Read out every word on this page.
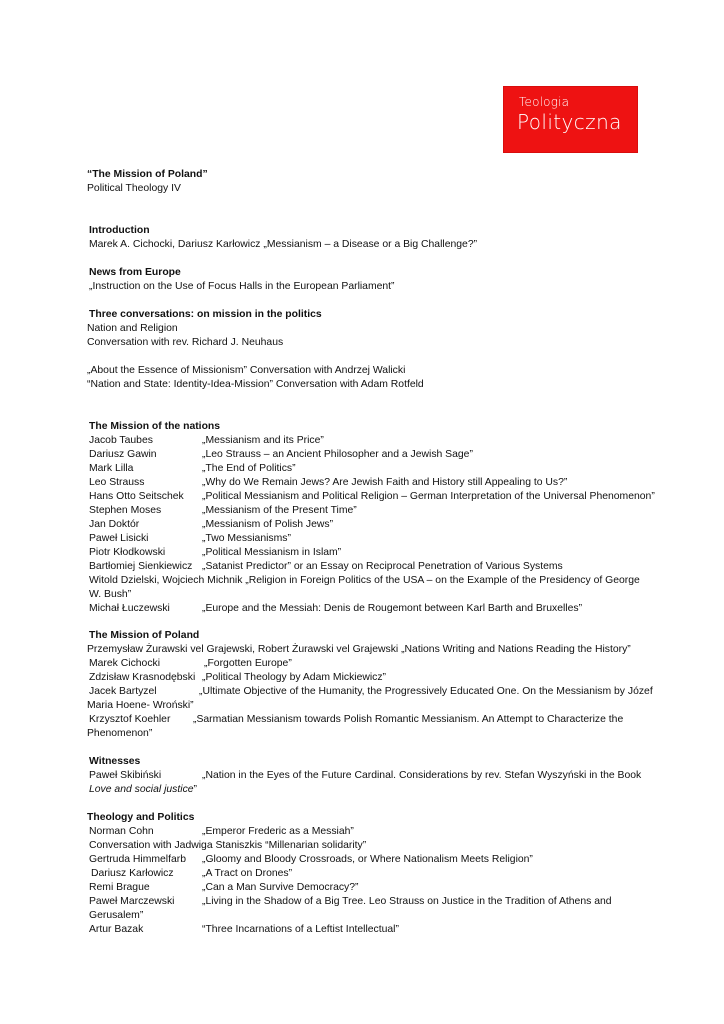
Teologia
Polityczna
“The Mission of Poland”
Political Theology IV
Introduction
Marek A. Cichocki, Dariusz Karłowicz „Messianism – a Disease or a Big Challenge?”
News from Europe
„Instruction on the Use of Focus Halls in the European Parliament”
Three conversations: on mission in the politics
Nation and Religion
Conversation with rev. Richard J. Neuhaus
„About the Essence of Missionism” Conversation with Andrzej Walicki
“Nation and State: Identity-Idea-Mission” Conversation with Adam Rotfeld
The Mission of the nations
Jacob Taubes	„Messianism and its Price”
Dariusz Gawin	„Leo Strauss – an Ancient Philosopher and a Jewish Sage”
Mark Lilla	„The End of Politics”
Leo Strauss	„Why do We Remain Jews? Are Jewish Faith and History still Appealing to Us?”
Hans Otto Seitschek „Political Messianism and Political Religion – German Interpretation of the Universal Phenomenon”
Stephen Moses	„Messianism of the Present Time”
Jan Doktór	„Messianism of Polish Jews”
Paweł Lisicki	„Two Messianisms”
Piotr Kłodkowski	„Political Messianism in Islam”
Bartłomiej Sienkiewicz „Satanist Predictor” or an Essay on Reciprocal Penetration of Various Systems
Witold Dzielski, Wojciech Michnik „Religion in Foreign Politics of the USA – on the Example of the Presidency of George
W. Bush”
Michał Łuczewski	„Europe and the Messiah: Denis de Rougemont between Karl Barth and Bruxelles”
The Mission of Poland
Przemysław Żurawski vel Grajewski, Robert Żurawski vel Grajewski „Nations Writing and Nations Reading the History”
Marek Cichocki	„Forgotten Europe”
Zdzisław Krasnodębski „Political Theology by Adam Mickiewicz”
Jacek Bartyzel	„Ultimate Objective of the Humanity, the Progressively Educated One. On the Messianism by Józef
Maria Hoene- Wroński”
Krzysztof Koehler „Sarmatian Messianism towards Polish Romantic Messianism. An Attempt to Characterize the
Phenomenon”
Witnesses
Paweł Skibiński	„Nation in the Eyes of the Future Cardinal. Considerations by rev. Stefan Wyszyński in the Book
Love and social justice”
Theology and Politics
Norman Cohn	„Emperor Frederic as a Messiah”
Conversation with Jadwiga Staniszkis “Millenarian solidarity”
Gertruda Himmelfarb „Gloomy and Bloody Crossroads, or Where Nationalism Meets Religion”
Dariusz Karłowicz	„A Tract on Drones”
Remi Brague	„Can a Man Survive Democracy?”
Paweł Marczewski	„Living in the Shadow of a Big Tree. Leo Strauss on Justice in the Tradition of Athens and
Gerusalem”
Artur Bazak	“Three Incarnations of a Leftist Intellectual”
